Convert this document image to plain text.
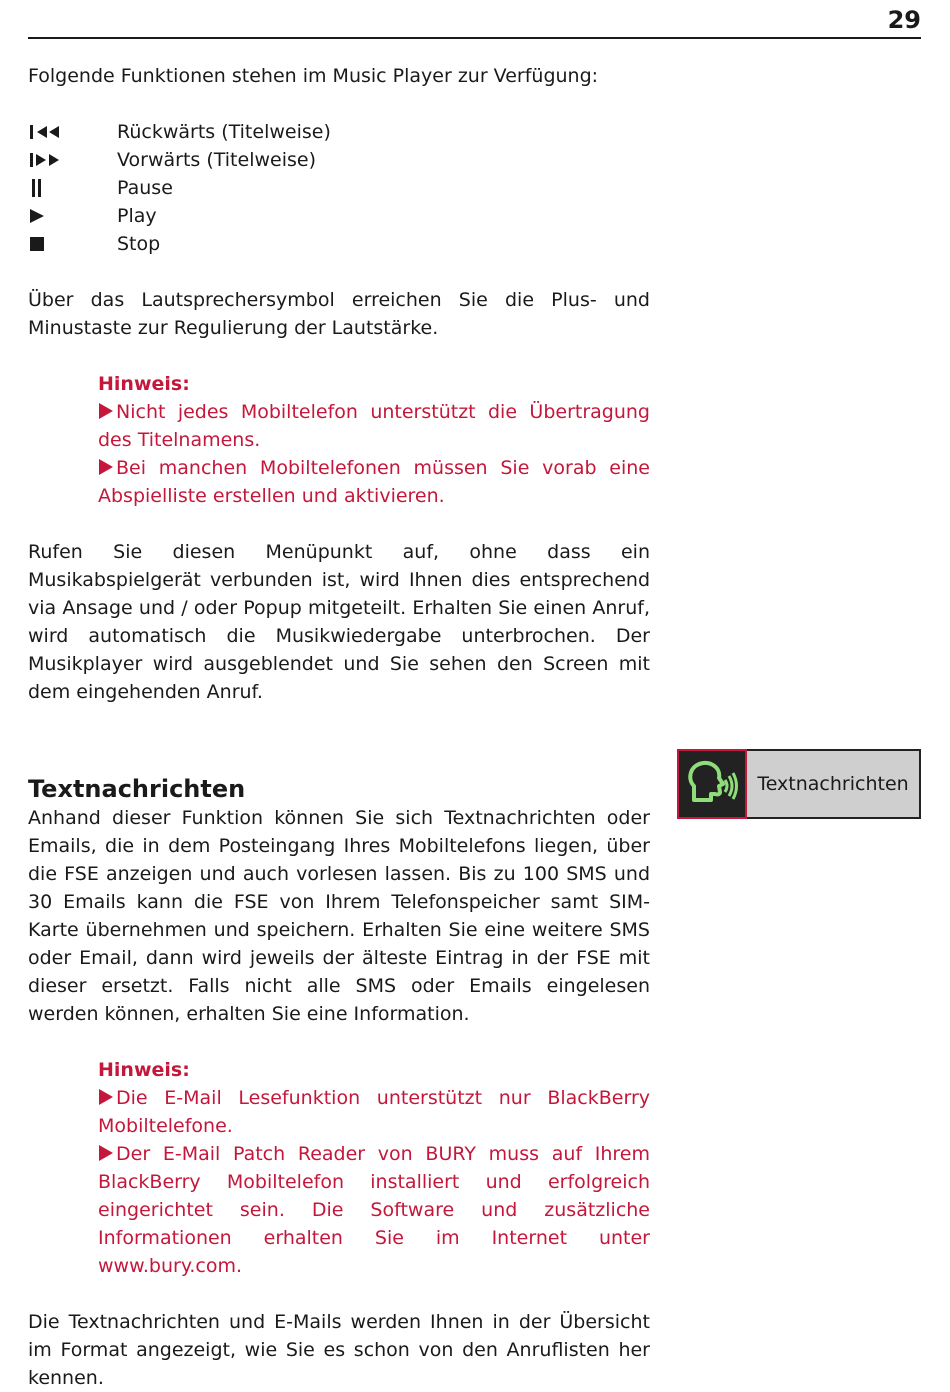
29

Folgende Funktionen stehen im Music Player zur Verfügung:

Rückwärts (Titelweise)
Vorwärts (Titelweise)
Pause
Play
Stop

Über das Lautsprechersymbol erreichen Sie die Plus- und Minustaste zur Regulierung der Lautstärke.

Hinweis:
Nicht jedes Mobiltelefon unterstützt die Übertragung des Titelnamens.
Bei manchen Mobiltelefonen müssen Sie vorab eine Abspielliste erstellen und aktivieren.

Rufen Sie diesen Menüpunkt auf, ohne dass ein Musikabspielgerät verbunden ist, wird Ihnen dies entsprechend via Ansage und / oder Popup mitgeteilt. Erhalten Sie einen Anruf, wird automatisch die Musikwiedergabe unterbrochen. Der Musikplayer wird ausgeblendet und Sie sehen den Screen mit dem eingehenden Anruf.

Textnachrichten

Anhand dieser Funktion können Sie sich Textnachrichten oder Emails, die in dem Posteingang Ihres Mobiltelefons liegen, über die FSE anzeigen und auch vorlesen lassen. Bis zu 100 SMS und 30 Emails kann die FSE von Ihrem Telefonspeicher samt SIM-Karte übernehmen und speichern. Erhalten Sie eine weitere SMS oder Email, dann wird jeweils der älteste Eintrag in der FSE mit dieser ersetzt. Falls nicht alle SMS oder Emails eingelesen werden können, erhalten Sie eine Information.

Hinweis:
Die E-Mail Lesefunktion unterstützt nur BlackBerry Mobiltelefone.
Der E-Mail Patch Reader von BURY muss auf Ihrem BlackBerry Mobiltelefon installiert und erfolgreich eingerichtet sein. Die Software und zusätzliche Informationen erhalten Sie im Internet unter www.bury.com.

Die Textnachrichten und E-Mails werden Ihnen in der Übersicht im Format angezeigt, wie Sie es schon von den Anruflisten her kennen.

Textnachrichten
